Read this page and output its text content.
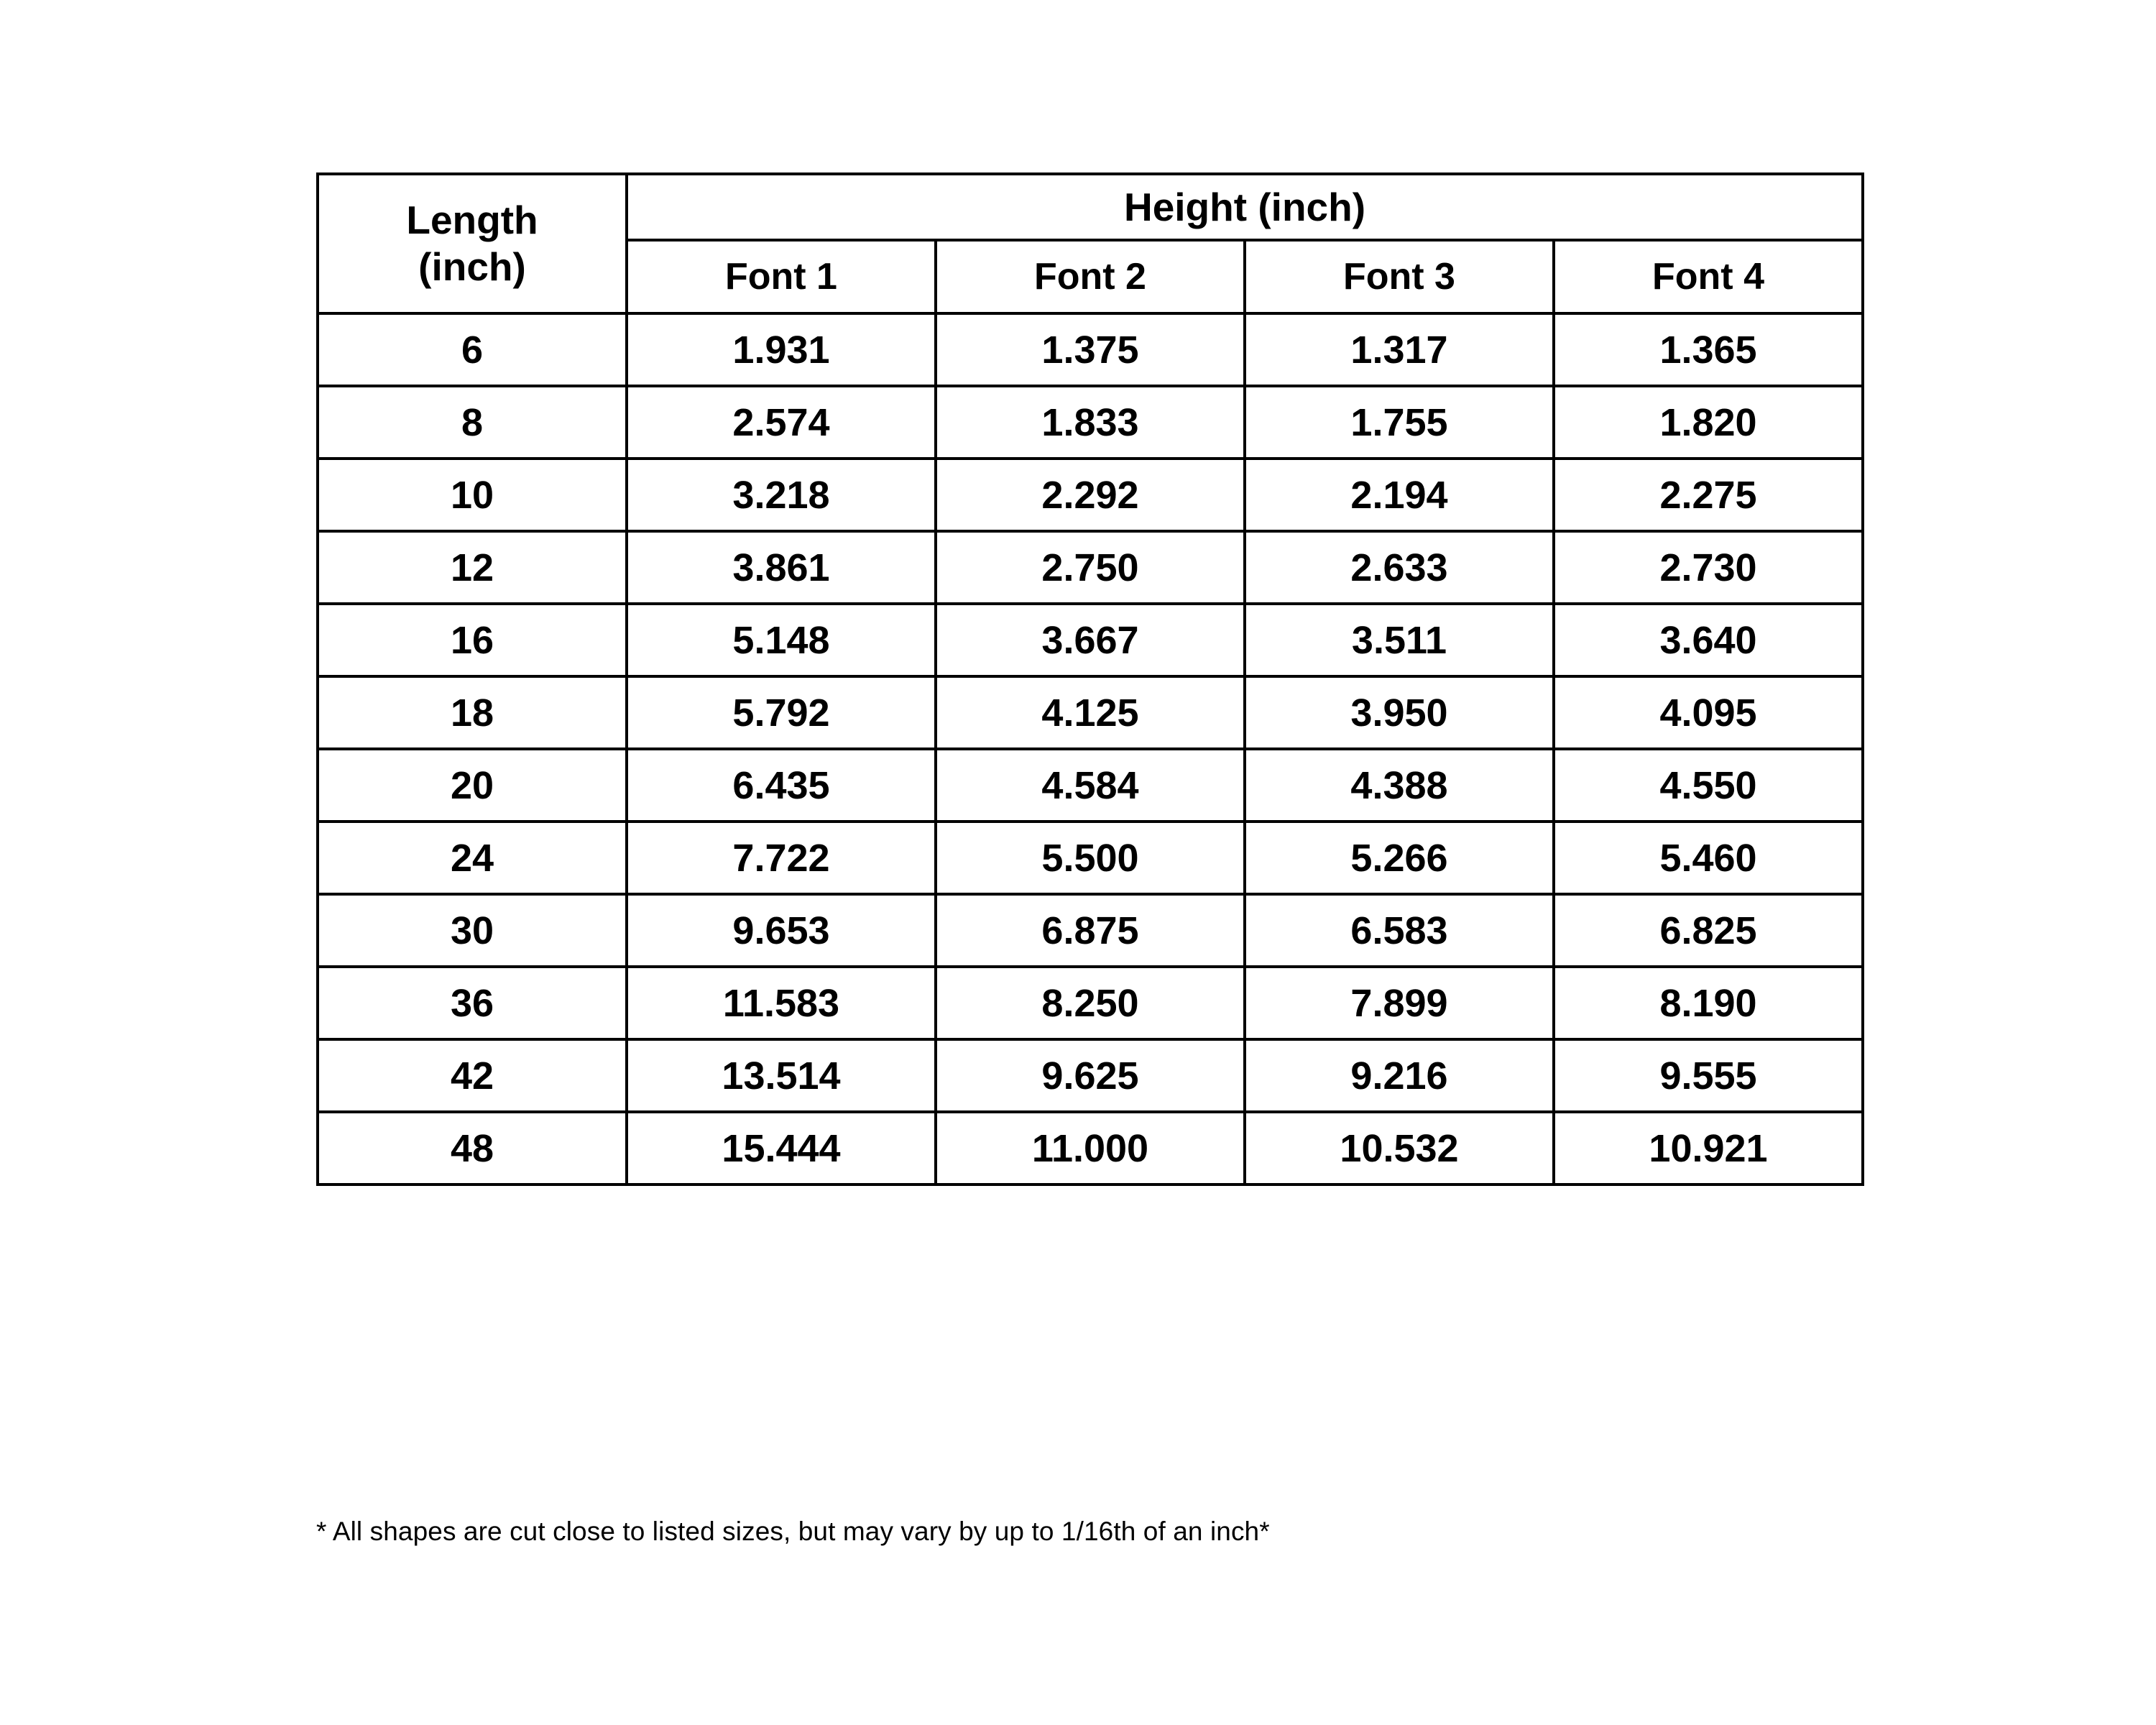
Length
(inch)	Height (inch)			
	Font 1	Font 2	Font 3	Font 4
6	1.931	1.375	1.317	1.365
8	2.574	1.833	1.755	1.820
10	3.218	2.292	2.194	2.275
12	3.861	2.750	2.633	2.730
16	5.148	3.667	3.511	3.640
18	5.792	4.125	3.950	4.095
20	6.435	4.584	4.388	4.550
24	7.722	5.500	5.266	5.460
30	9.653	6.875	6.583	6.825
36	11.583	8.250	7.899	8.190
42	13.514	9.625	9.216	9.555
48	15.444	11.000	10.532	10.921
* All shapes are cut close to listed sizes, but may vary by up to 1/16th of an inch*
